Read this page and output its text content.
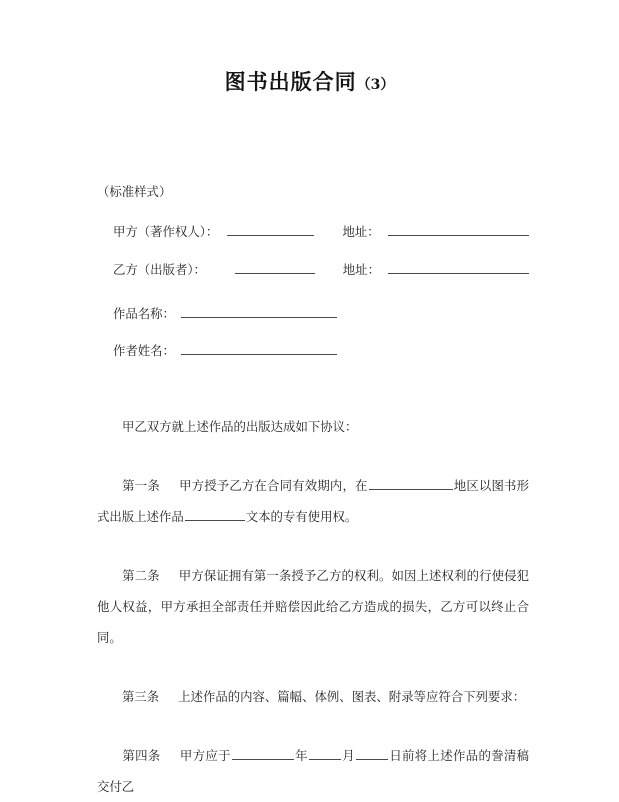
图书出版合同（3）

（标准样式）

甲方（著作权人）：	地址：
乙方（出版者）：	地址：
作品名称：
作者姓名：

甲乙双方就上述作品的出版达成如下协议：

第一条 甲方授予乙方在合同有效期内，在	地区以图书形式出版上述作品	文本的专有使用权。

第二条 甲方保证拥有第一条授予乙方的权利。如因上述权利的行使侵犯他人权益，甲方承担全部责任并赔偿因此给乙方造成的损失，乙方可以终止合同。

第三条 上述作品的内容、篇幅、体例、图表、附录等应符合下列要求：

第四条 甲方应于	年	月	日前将上述作品的誊清稿交付乙
